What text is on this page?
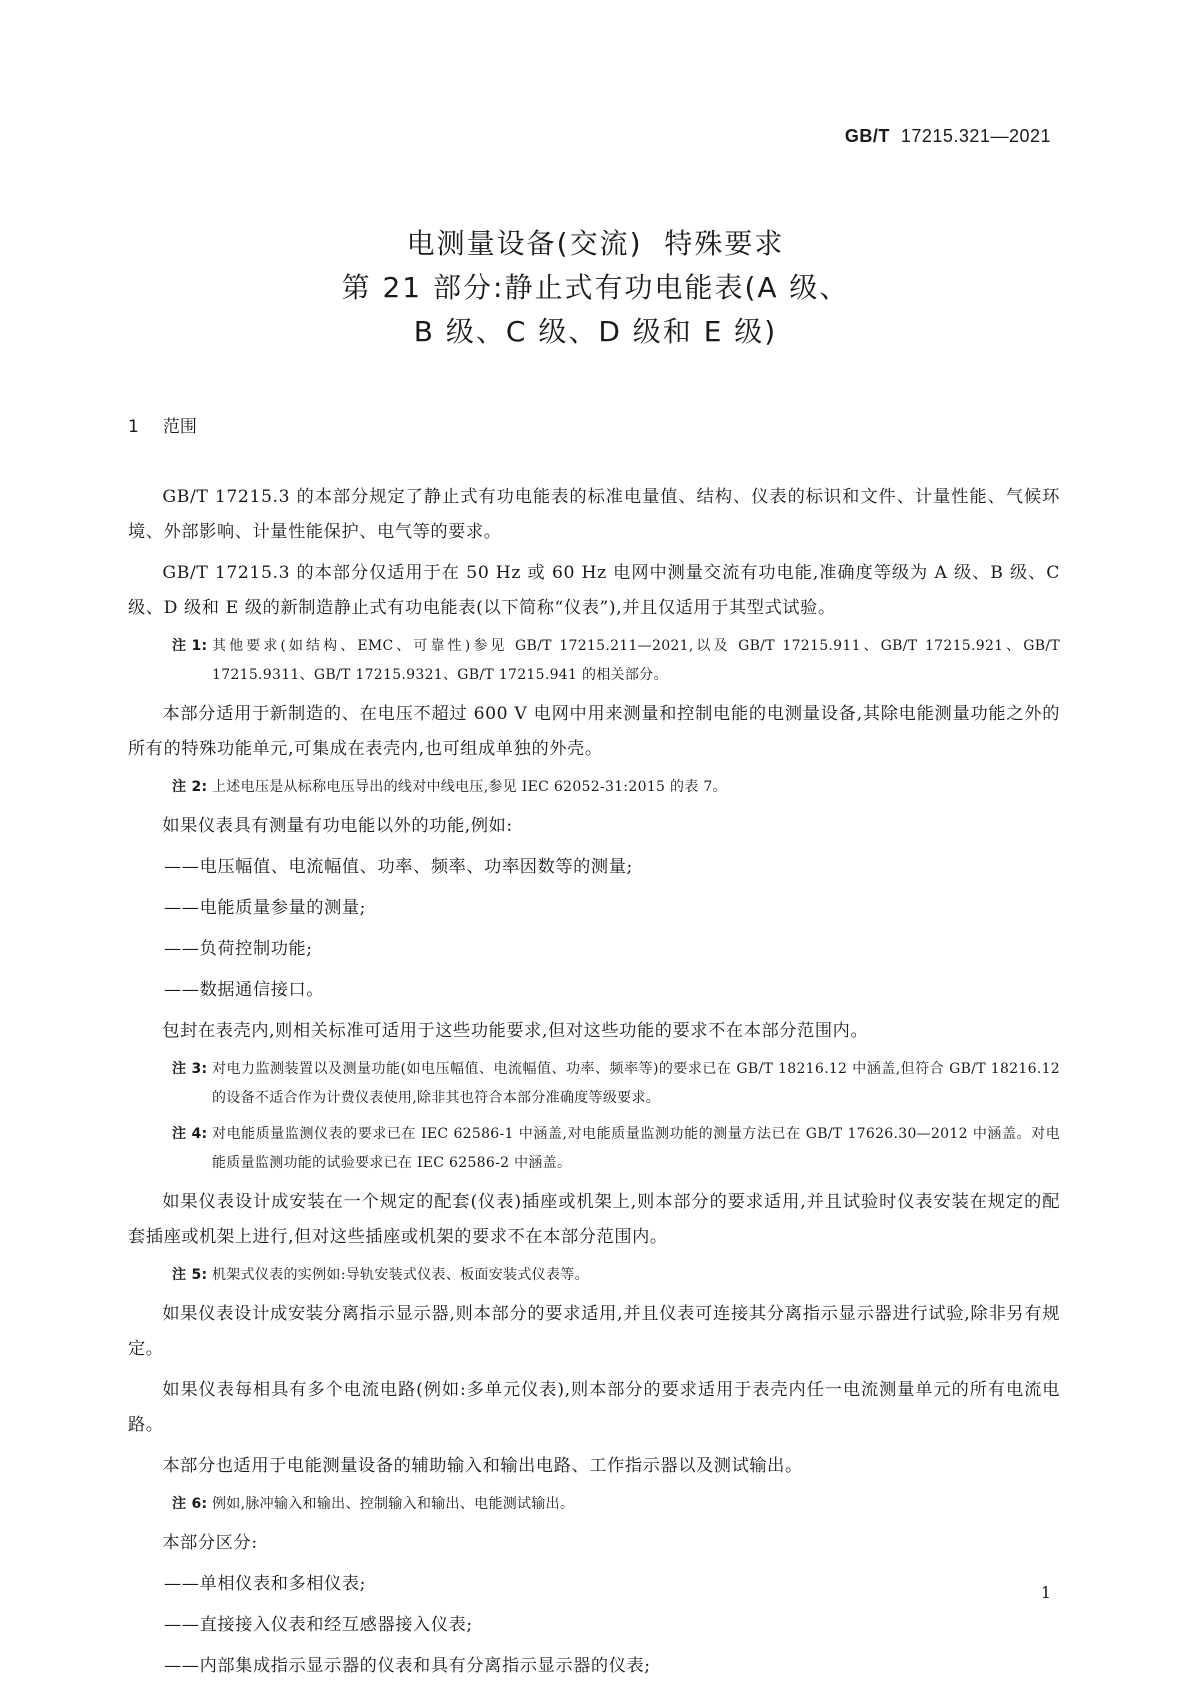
GB/T 17215.321—2021
电测量设备(交流)  特殊要求
第 21 部分:静止式有功电能表(A 级、
B 级、C 级、D 级和 E 级)
1 范围

GB/T 17215.3 的本部分规定了静止式有功电能表的标准电量值、结构、仪表的标识和文件、计量性能、气候环境、外部影响、计量性能保护、电气等的要求。

GB/T 17215.3 的本部分仅适用于在 50 Hz 或 60 Hz 电网中测量交流有功电能,准确度等级为 A 级、B 级、C 级、D 级和 E 级的新制造静止式有功电能表(以下简称“仪表”),并且仅适用于其型式试验。

注 1: 其他要求(如结构、EMC、可靠性)参见 GB/T 17215.211—2021,以及 GB/T 17215.911、GB/T 17215.921、GB/T 17215.9311、GB/T 17215.9321、GB/T 17215.941 的相关部分。

本部分适用于新制造的、在电压不超过 600 V 电网中用来测量和控制电能的电测量设备,其除电能测量功能之外的所有的特殊功能单元,可集成在表壳内,也可组成单独的外壳。

注 2: 上述电压是从标称电压导出的线对中线电压,参见 IEC 62052-31:2015 的表 7。

如果仪表具有测量有功电能以外的功能,例如:

——电压幅值、电流幅值、功率、频率、功率因数等的测量;
——电能质量参量的测量;
——负荷控制功能;
——数据通信接口。

包封在表壳内,则相关标准可适用于这些功能要求,但对这些功能的要求不在本部分范围内。

注 3: 对电力监测装置以及测量功能(如电压幅值、电流幅值、功率、频率等)的要求已在 GB/T 18216.12 中涵盖,但符合 GB/T 18216.12 的设备不适合作为计费仪表使用,除非其也符合本部分准确度等级要求。
注 4: 对电能质量监测仪表的要求已在 IEC 62586-1 中涵盖,对电能质量监测功能的测量方法已在 GB/T 17626.30—2012 中涵盖。对电能质量监测功能的试验要求已在 IEC 62586-2 中涵盖。

如果仪表设计成安装在一个规定的配套(仪表)插座或机架上,则本部分的要求适用,并且试验时仪表安装在规定的配套插座或机架上进行,但对这些插座或机架的要求不在本部分范围内。

注 5: 机架式仪表的实例如:导轨安装式仪表、板面安装式仪表等。

如果仪表设计成安装分离指示显示器,则本部分的要求适用,并且仪表可连接其分离指示显示器进行试验,除非另有规定。

如果仪表每相具有多个电流电路(例如:多单元仪表),则本部分的要求适用于表壳内任一电流测量单元的所有电流电路。

本部分也适用于电能测量设备的辅助输入和输出电路、工作指示器以及测试输出。

注 6: 例如,脉冲输入和输出、控制输入和输出、电能测试输出。

本部分区分:

——单相仪表和多相仪表;
——直接接入仪表和经互感器接入仪表;
——内部集成指示显示器的仪表和具有分离指示显示器的仪表;
1
